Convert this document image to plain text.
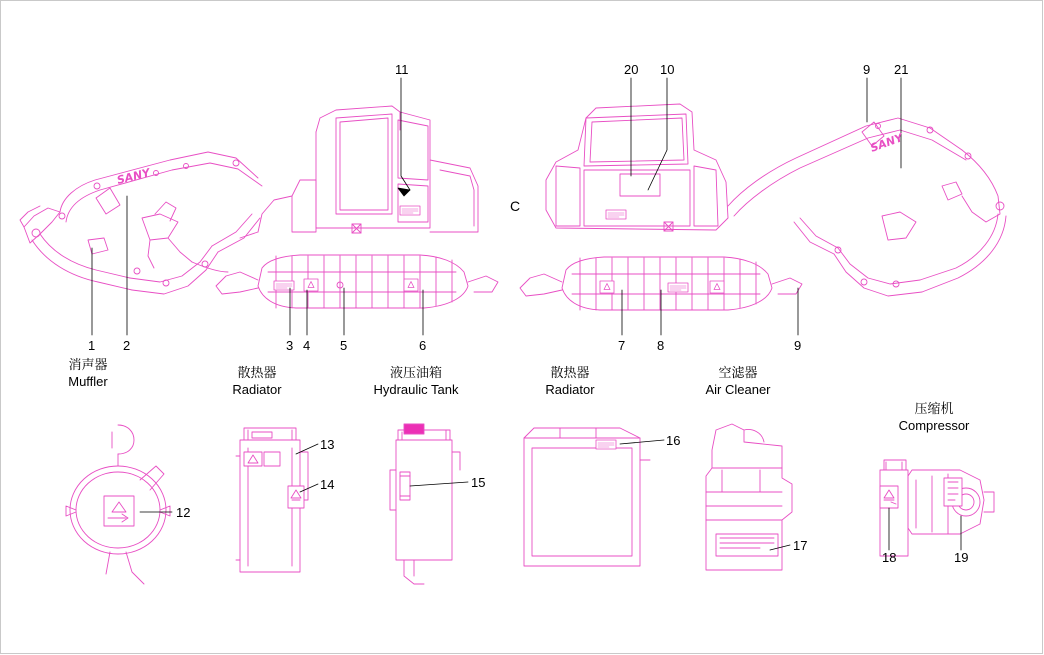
SANY
SANY
C
1 2	3 4 5	6	7 8	9
11	20 10	9 21
12
13
14	15
16
17
18	19
消声器
Muffler
散热器
Radiator
液压油箱
Hydraulic Tank
散热器
Radiator
空滤器
Air Cleaner
压缩机
Compressor
